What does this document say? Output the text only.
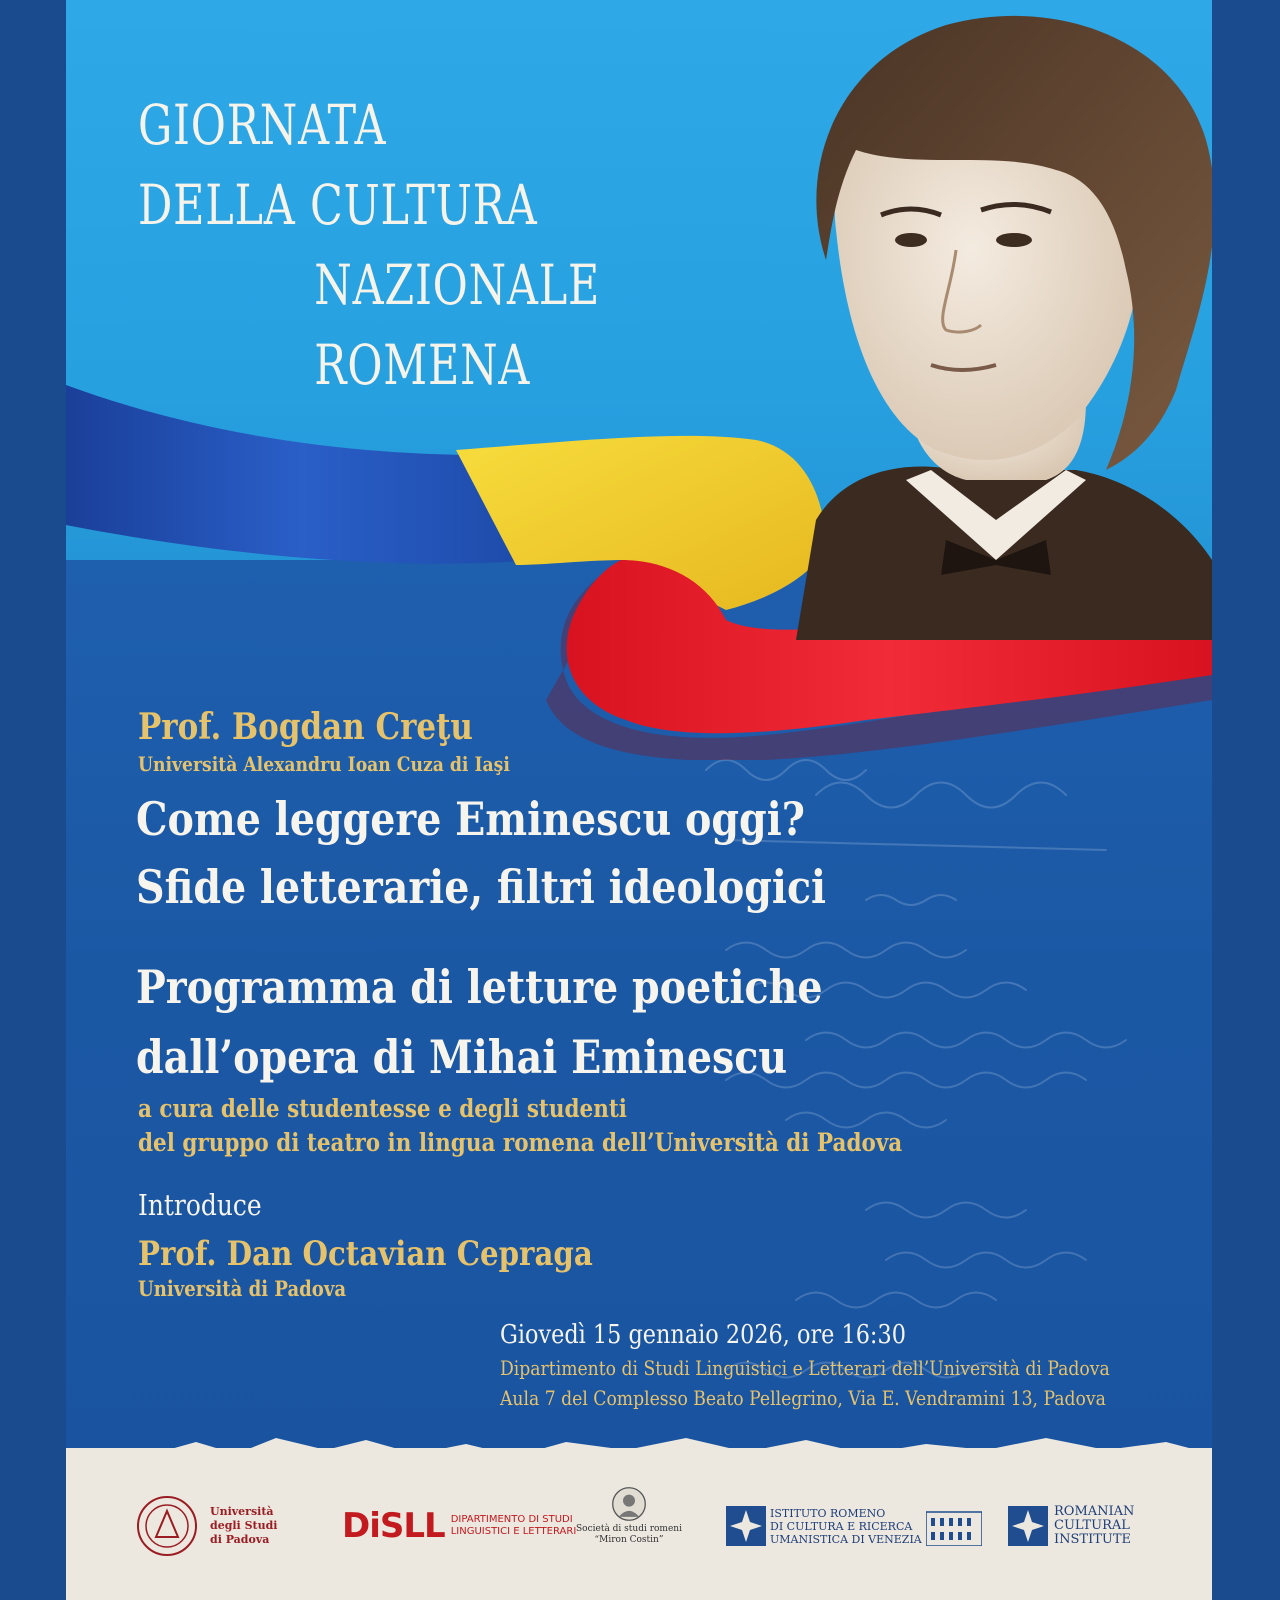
GIORNATA
DELLA CULTURA
NAZIONALE
ROMENA
Prof. Bogdan Creţu
Università Alexandru Ioan Cuza di Iaşi
Come leggere Eminescu oggi?
Sfide letterarie, filtri ideologici
Programma di letture poetiche
dall’opera di Mihai Eminescu
a cura delle studentesse e degli studenti
del gruppo di teatro in lingua romena dell’Università di Padova
Introduce
Prof. Dan Octavian Cepraga
Università di Padova
Giovedì 15 gennaio 2026, ore 16:30
Dipartimento di Studi Linguistici e Letterari dell’Università di Padova
Aula 7 del Complesso Beato Pellegrino, Via E. Vendramini 13, Padova
Università
degli Studi
di Padova DiSLL DIPARTIMENTO DI STUDI
LINGUISTICI E LETTERARI Società di studi romeni
“Miron Costin”
ISTITUTO ROMENO
DI CULTURA E RICERCA
UMANISTICA DI VENEZIA
ROMANIAN
CULTURAL
INSTITUTE
